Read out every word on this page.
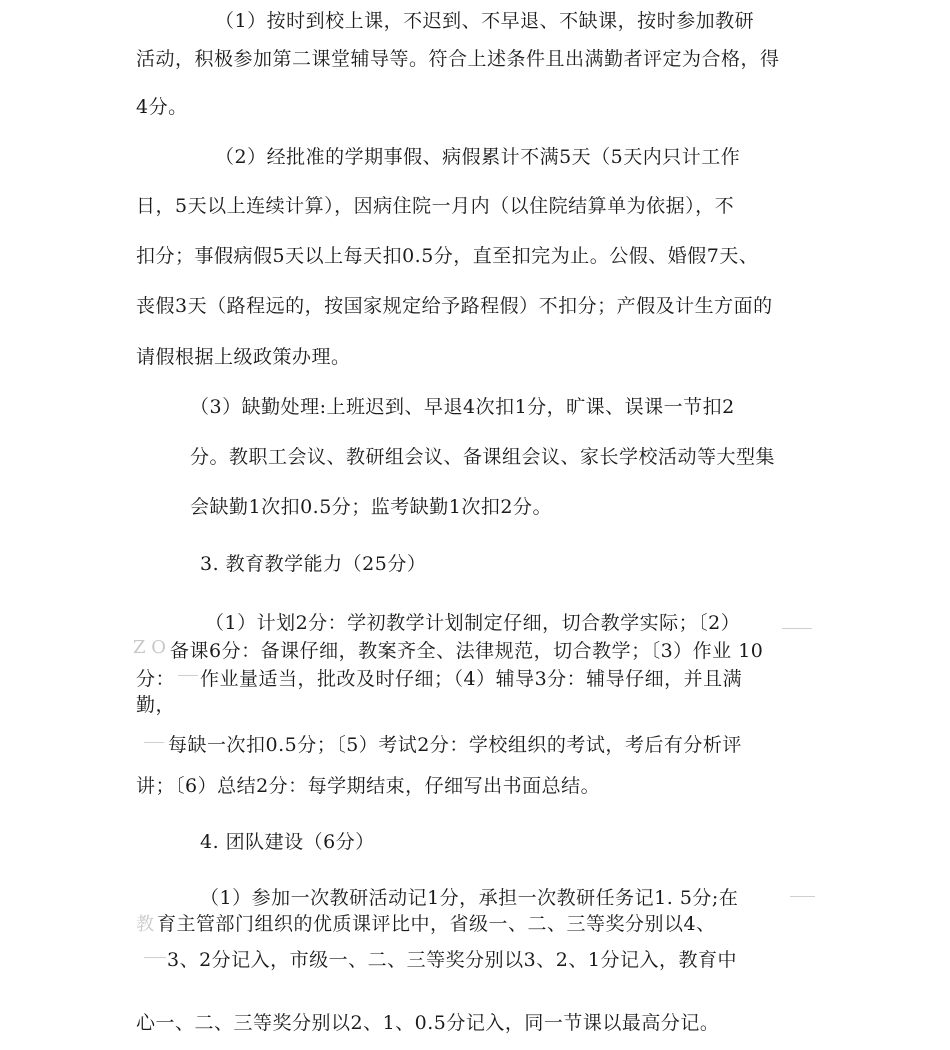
（1）按时到校上课，不迟到、不早退、不缺课，按时参加教研
活动，积极参加第二课堂辅导等。符合上述条件且出满勤者评定为合格，得
4分。
（2）经批准的学期事假、病假累计不满5天（5天内只计工作
日，5天以上连续计算），因病住院一月内（以住院结算单为依据），不
扣分；事假病假5天以上每天扣0.5分，直至扣完为止。公假、婚假7天、
丧假3天（路程远的，按国家规定给予路程假）不扣分；产假及计生方面的
请假根据上级政策办理。
（3）缺勤处理:上班迟到、早退4次扣1分，旷课、误课一节扣2
分。教职工会议、教研组会议、备课组会议、家长学校活动等大型集
会缺勤1次扣0.5分；监考缺勤1次扣2分。
3. 教育教学能力（25分）
（1）计划2分：学初教学计划制定仔细，切合教学实际；〔2）
Z O 备课6分：备课仔细，教案齐全、法律规范，切合教学；〔3）作业 10
分： 作业量适当，批改及时仔细；（4）辅导3分：辅导仔细，并且满
勤，
每缺一次扣0.5分；〔5）考试2分：学校组织的考试，考后有分析评
讲；〔6）总结2分：每学期结束，仔细写出书面总结。
4. 团队建设（6分）
（1）参加一次教研活动记1分，承担一次教研任务记1. 5分;在
教 育主管部门组织的优质课评比中，省级一、二、三等奖分别以4、
3、2分记入，市级一、二、三等奖分别以3、2、1分记入，教育中
心一、二、三等奖分别以2、1、0.5分记入，同一节课以最高分记。
